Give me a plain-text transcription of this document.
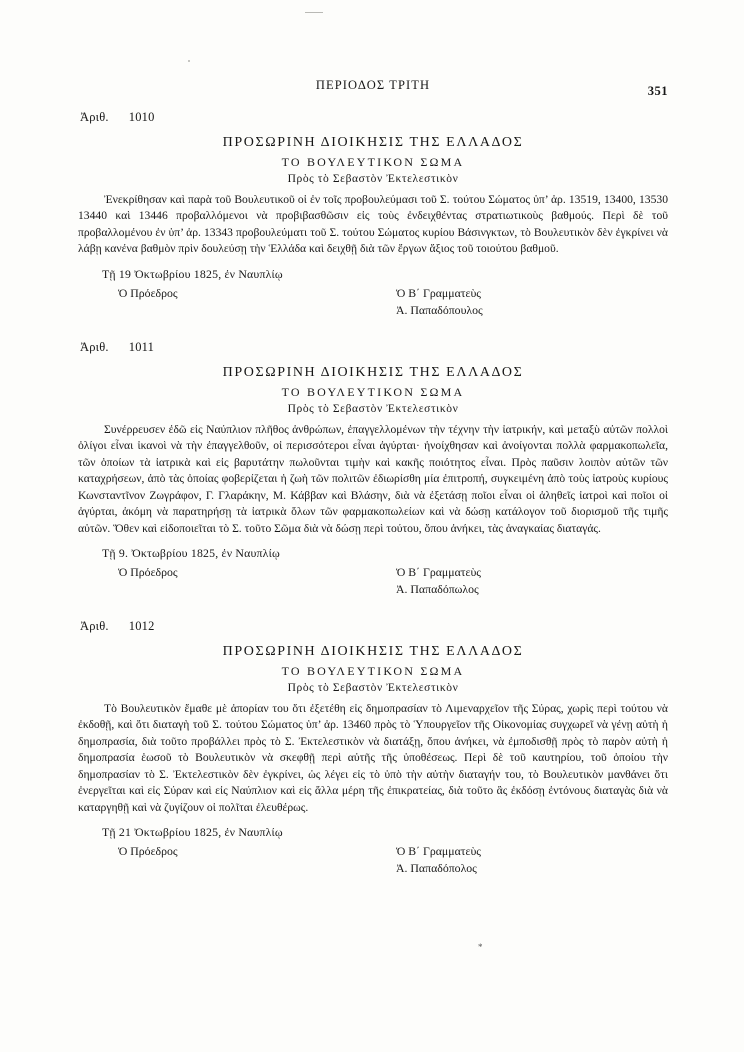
ΠΕΡΙΟΔΟΣ ΤΡΙΤΗ	351
Ἀριθ. 1010
ΠΡΟΣΩΡΙΝΗ ΔΙΟΙΚΗΣΙΣ ΤΗΣ ΕΛΛΑΔΟΣ
ΤΟ ΒΟΥΛΕΥΤΙΚΟΝ ΣΩΜΑ
Πρὸς τὸ Σεβαστὸν Ἐκτελεστικὸν

Ἐνεκρίθησαν καὶ παρὰ τοῦ Βουλευτικοῦ οἱ ἐν τοῖς προβουλεύμασι τοῦ Σ. τούτου Σώματος ὑπ’ ἀρ. 13519, 13400, 13530 13440 καὶ 13446 προβαλλόμενοι νὰ προβιβασθῶσιν εἰς τοὺς ἐνδειχθέντας στρατιωτικοὺς βαθμούς. Περὶ δὲ τοῦ προβαλλομένου ἐν ὑπ’ ἀρ. 13343 προβουλεύματι τοῦ Σ. τούτου Σώματος κυρίου Βάσινγκτων, τὸ Βουλευτικὸν δὲν ἐγκρίνει νὰ λάβῃ κανένα βαθμὸν πρὶν δουλεύσῃ τὴν Ἑλλάδα καὶ δειχθῇ διὰ τῶν ἔργων ἄξιος τοῦ τοιούτου βαθμοῦ.

Τῇ 19 Ὀκτωβρίου 1825, ἐν Ναυπλίῳ
Ὁ Πρόεδρος	Ὁ Β΄ Γραμματεὺς
Ἀ. Παπαδόπουλος
Ἀριθ. 1011
ΠΡΟΣΩΡΙΝΗ ΔΙΟΙΚΗΣΙΣ ΤΗΣ ΕΛΛΑΔΟΣ
ΤΟ ΒΟΥΛΕΥΤΙΚΟΝ ΣΩΜΑ
Πρὸς τὸ Σεβαστὸν Ἐκτελεστικὸν

Συνέρρευσεν ἐδῶ εἰς Ναύπλιον πλῆθος ἀνθρώπων, ἐπαγγελλομένων τὴν τέχνην τὴν ἰατρικήν, καὶ μεταξὺ αὐτῶν πολλοὶ ὀλίγοι εἶναι ἱκανοὶ νὰ τὴν ἐπαγγελθοῦν, οἱ περισσότεροι εἶναι ἀγύρται· ἠνοίχθησαν καὶ ἀνοίγονται πολλὰ φαρμακοπωλεῖα, τῶν ὁποίων τὰ ἰατρικὰ καὶ εἰς βαρυτάτην πωλοῦνται τιμὴν καὶ κακῆς ποιότητος εἶναι. Πρὸς παῦσιν λοιπὸν αὐτῶν τῶν καταχρήσεων, ἀπὸ τὰς ὁποίας φοβερίζεται ἡ ζωὴ τῶν πολιτῶν ἐδιωρίσθη μία ἐπιτροπή, συγκειμένη ἀπὸ τοὺς ἰατροὺς κυρίους Κωνσταντῖνον Ζωγράφον, Γ. Γλαράκην, Μ. Κάββαν καὶ Βλάσην, διὰ νὰ ἐξετάσῃ ποῖοι εἶναι οἱ ἀληθεῖς ἰατροὶ καὶ ποῖοι οἱ ἀγύρται, ἀκόμη νὰ παρατηρήσῃ τὰ ἰατρικὰ ὅλων τῶν φαρμακοπωλείων καὶ νὰ δώσῃ κατάλογον τοῦ διορισμοῦ τῆς τιμῆς αὐτῶν. Ὅθεν καὶ εἰδοποιεῖται τὸ Σ. τοῦτο Σῶμα διὰ νὰ δώσῃ περὶ τούτου, ὅπου ἀνήκει, τὰς ἀναγκαίας διαταγάς.

Τῇ 9. Ὀκτωβρίου 1825, ἐν Ναυπλίῳ
Ὁ Πρόεδρος	Ὁ Β΄ Γραμματεὺς
Ἀ. Παπαδόπωλος
Ἀριθ. 1012
ΠΡΟΣΩΡΙΝΗ ΔΙΟΙΚΗΣΙΣ ΤΗΣ ΕΛΛΑΔΟΣ
ΤΟ ΒΟΥΛΕΥΤΙΚΟΝ ΣΩΜΑ
Πρὸς τὸ Σεβαστὸν Ἐκτελεστικὸν

Τὸ Βουλευτικὸν ἔμαθε μὲ ἀπορίαν του ὅτι ἐξετέθη εἰς δημοπρασίαν τὸ Λιμεναρχεῖον τῆς Σύρας, χωρὶς περὶ τούτου νὰ ἐκδοθῇ, καὶ ὅτι διαταγὴ τοῦ Σ. τούτου Σώματος ὑπ’ ἀρ. 13460 πρὸς τὸ Ὑπουργεῖον τῆς Οἰκονομίας συγχωρεῖ νὰ γένῃ αὐτὴ ἡ δημοπρασία, διὰ τοῦτο προβάλλει πρὸς τὸ Σ. Ἐκτελεστικὸν νὰ διατάξῃ, ὅπου ἀνήκει, νὰ ἐμποδισθῇ πρὸς τὸ παρὸν αὐτὴ ἡ δημοπρασία ἑωσοῦ τὸ Βουλευτικὸν νὰ σκεφθῇ περὶ αὐτῆς τῆς ὑποθέσεως. Περὶ δὲ τοῦ καυτηρίου, τοῦ ὁποίου τὴν δημοπρασίαν τὸ Σ. Ἐκτελεστικὸν δὲν ἐγκρίνει, ὡς λέγει εἰς τὸ ὑπὸ τὴν αὐτὴν διαταγήν του, τὸ Βουλευτικὸν μανθάνει ὅτι ἐνεργεῖται καὶ εἰς Σύραν καὶ εἰς Ναύπλιον καὶ εἰς ἄλλα μέρη τῆς ἐπικρατείας, διὰ τοῦτο ἂς ἐκδόσῃ ἐντόνους διαταγὰς διὰ νὰ καταργηθῇ καὶ νὰ ζυγίζουν οἱ πολῖται ἐλευθέρως.

Τῇ 21 Ὀκτωβρίου 1825, ἐν Ναυπλίῳ
Ὁ Πρόεδρος	Ὁ Β΄ Γραμματεὺς
Ἀ. Παπαδόπολος
*
